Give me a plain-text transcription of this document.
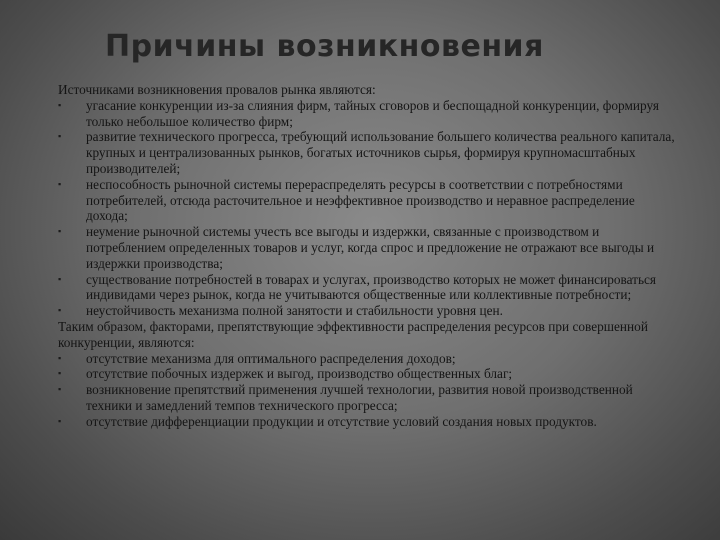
Причины возникновения

Источниками возникновения провалов рынка являются:

▪ угасание конкуренции из-за слияния фирм, тайных сговоров и беспощадной конкуренции, формируя только небольшое количество фирм;
▪ развитие технического прогресса, требующий использование большего количества реального капитала, крупных и централизованных рынков, богатых источников сырья, формируя крупномасштабных производителей;
▪ неспособность рыночной системы перераспределять ресурсы в соответствии с потребностями потребителей, отсюда расточительное и неэффективное производство и неравное распределение дохода;
▪ неумение рыночной системы учесть все выгоды и издержки, связанные с производством и потреблением определенных товаров и услуг, когда спрос и предложение не отражают все выгоды и издержки производства;
▪ существование потребностей в товарах и услугах, производство которых не может финансироваться индивидами через рынок, когда не учитываются общественные или коллективные потребности;
▪ неустойчивость механизма полной занятости и стабильности уровня цен.

Таким образом, факторами, препятствующие эффективности распределения ресурсов при совершенной конкуренции, являются:

▪ отсутствие механизма для оптимального распределения доходов;
▪ отсутствие побочных издержек и выгод, производство общественных благ;
▪ возникновение препятствий применения лучшей технологии, развития новой производственной техники и замедлений темпов технического прогресса;
▪ отсутствие дифференциации продукции и отсутствие условий создания новых продуктов.
